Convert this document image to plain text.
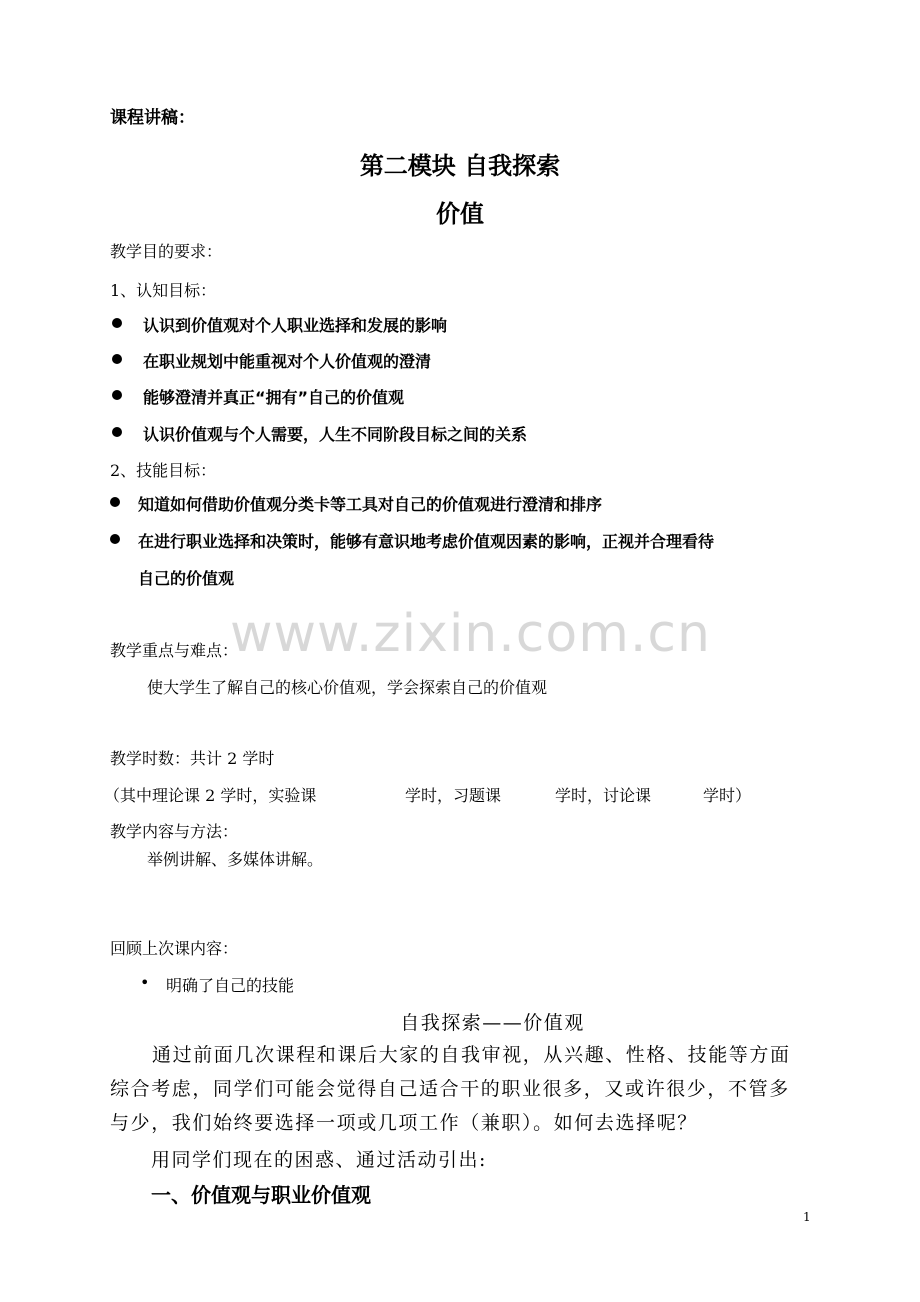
www.zixin.com.cn
课程讲稿：
第二模块 自我探索
价值
教学目的要求：
1、认知目标：
认识到价值观对个人职业选择和发展的影响
在职业规划中能重视对个人价值观的澄清
能够澄清并真正“拥有”自己的价值观
认识价值观与个人需要，人生不同阶段目标之间的关系
2、技能目标：
知道如何借助价值观分类卡等工具对自己的价值观进行澄清和排序
在进行职业选择和决策时，能够有意识地考虑价值观因素的影响，正视并合理看待
自己的价值观
教学重点与难点：
使大学生了解自己的核心价值观，学会探索自己的价值观
教学时数：共计 2 学时
（其中理论课 2 学时，实验课	学时，习题课	学时，讨论课	学时）
教学内容与方法：
举例讲解、多媒体讲解。
回顾上次课内容：
• 明确了自己的技能
自我探索——价值观
通过前面几次课程和课后大家的自我审视，从兴趣、性格、技能等方面综合考虑，同学们可能会觉得自己适合干的职业很多，又或许很少，不管多与少，我们始终要选择一项或几项工作（兼职）。如何去选择呢？
用同学们现在的困惑、通过活动引出:
一、价值观与职业价值观
1
